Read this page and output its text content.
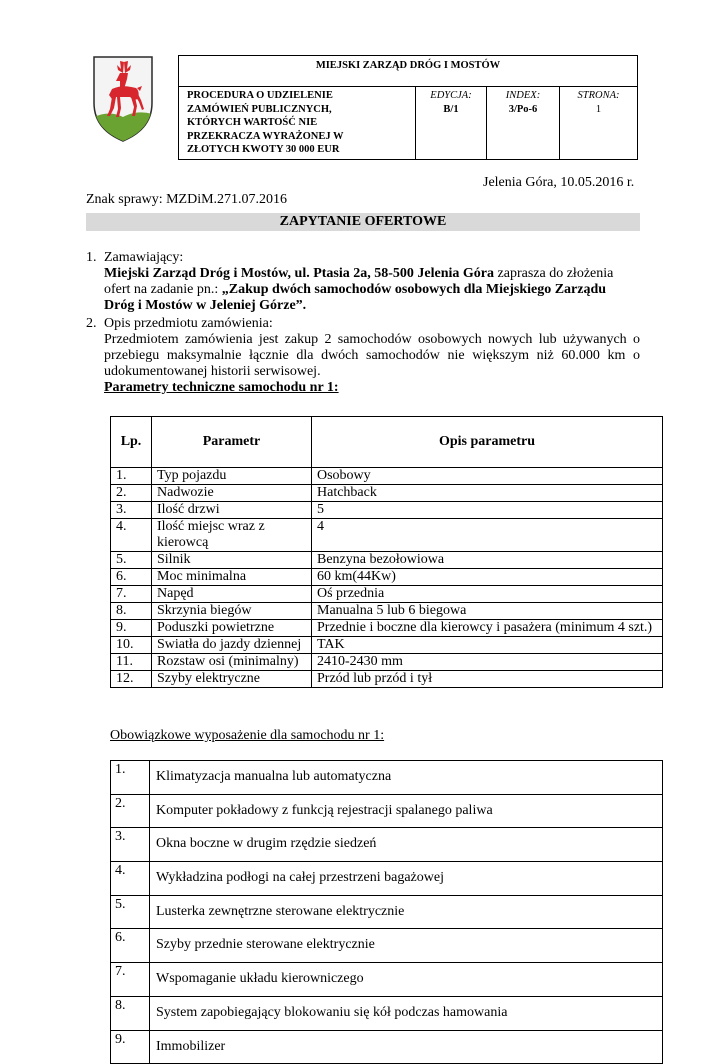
MIEJSKI ZARZĄD DRÓG I MOSTÓW

PROCEDURA O UDZIELENIE
ZAMÓWIEŃ PUBLICZNYCH,
KTÓRYCH WARTOŚĆ NIE
PRZEKRACZA WYRAŻONEJ W
ZŁOTYCH KWOTY 30 000 EUR

EDYCJA:
B/1

INDEX:
3/Po-6

STRONA:
1
Jelenia Góra, 10.05.2016 r.
Znak sprawy: MZDiM.271.07.2016
ZAPYTANIE OFERTOWE
1. Zamawiający:
Miejski Zarząd Dróg i Mostów, ul. Ptasia 2a, 58-500 Jelenia Góra zaprasza do złożenia
ofert na zadanie pn.: „Zakup dwóch samochodów osobowych dla Miejskiego Zarządu
Dróg i Mostów w Jeleniej Górze”.
2. Opis przedmiotu zamówienia:
Przedmiotem zamówienia jest zakup 2 samochodów osobowych nowych lub używanych o przebiegu maksymalnie łącznie dla dwóch samochodów nie większym niż 60.000 km o udokumentowanej historii serwisowej.
Parametry techniczne samochodu nr 1:
Lp.	Parametr	Opis parametru
1.	Typ pojazdu	Osobowy
2.	Nadwozie	Hatchback
3.	Ilość drzwi	5
4.	Ilość miejsc wraz z kierowcą	4
5.	Silnik	Benzyna bezołowiowa
6.	Moc minimalna	60 km(44Kw)
7.	Napęd	Oś przednia
8.	Skrzynia biegów	Manualna 5 lub 6 biegowa
9.	Poduszki powietrzne	Przednie i boczne dla kierowcy i pasażera (minimum 4 szt.)
10.	Swiatła do jazdy dziennej	TAK
11.	Rozstaw osi (minimalny)	2410-2430 mm
12.	Szyby elektryczne	Przód lub przód i tył
Obowiązkowe wyposażenie dla samochodu nr 1:
1.	Klimatyzacja manualna lub automatyczna
2.	Komputer pokładowy z funkcją rejestracji spalanego paliwa
3.	Okna boczne w drugim rzędzie siedzeń
4.	Wykładzina podłogi na całej przestrzeni bagażowej
5.	Lusterka zewnętrzne sterowane elektrycznie
6.	Szyby przednie sterowane elektrycznie
7.	Wspomaganie układu kierowniczego
8.	System zapobiegający blokowaniu się kół podczas hamowania
9.	Immobilizer
